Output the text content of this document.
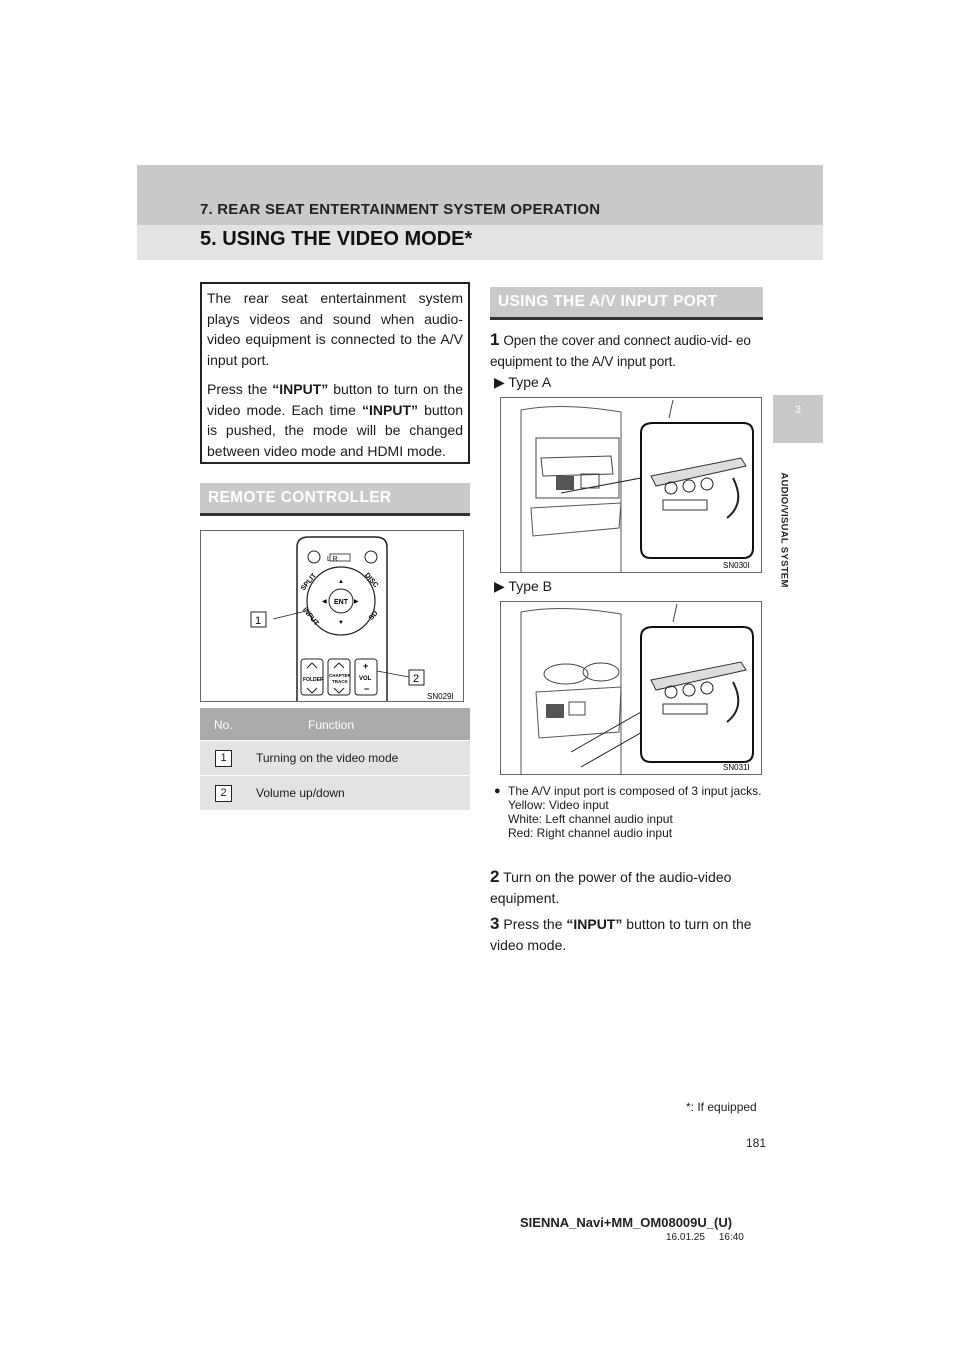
7. REAR SEAT ENTERTAINMENT SYSTEM OPERATION
5. USING THE VIDEO MODE*
3
AUDIO/VISUAL SYSTEM

The rear seat entertainment system plays videos and sound when audio-video equipment is connected to the A/V input port.

Press the “INPUT” button to turn on the video mode. Each time “INPUT” button is pushed, the mode will be changed between video mode and HDMI mode.

REMOTE CONTROLLER
L R
ENT
▲
▼
◀	▶
SPLIT	DISC
INPUT	SD
FOLDER
CHAPTER
TRACK VOL
+
−
1
2
SN029I
No.	Function
1	Turning on the video mode
2	Volume up/down
USING THE A/V INPUT PORT
1 Open the cover and connect audio-vid- eo equipment to the A/V input port.
▶ Type A
SN030I
▶ Type B
SN031I
● The A/V input port is composed of 3 input jacks.
Yellow: Video input
White: Left channel audio input
Red: Right channel audio input
2 Turn on the power of the audio-video equipment.
3 Press the “INPUT” button to turn on the video mode.
*: If equipped
181
SIENNA_Navi+MM_OM08009U_(U)
16.01.25     16:40
